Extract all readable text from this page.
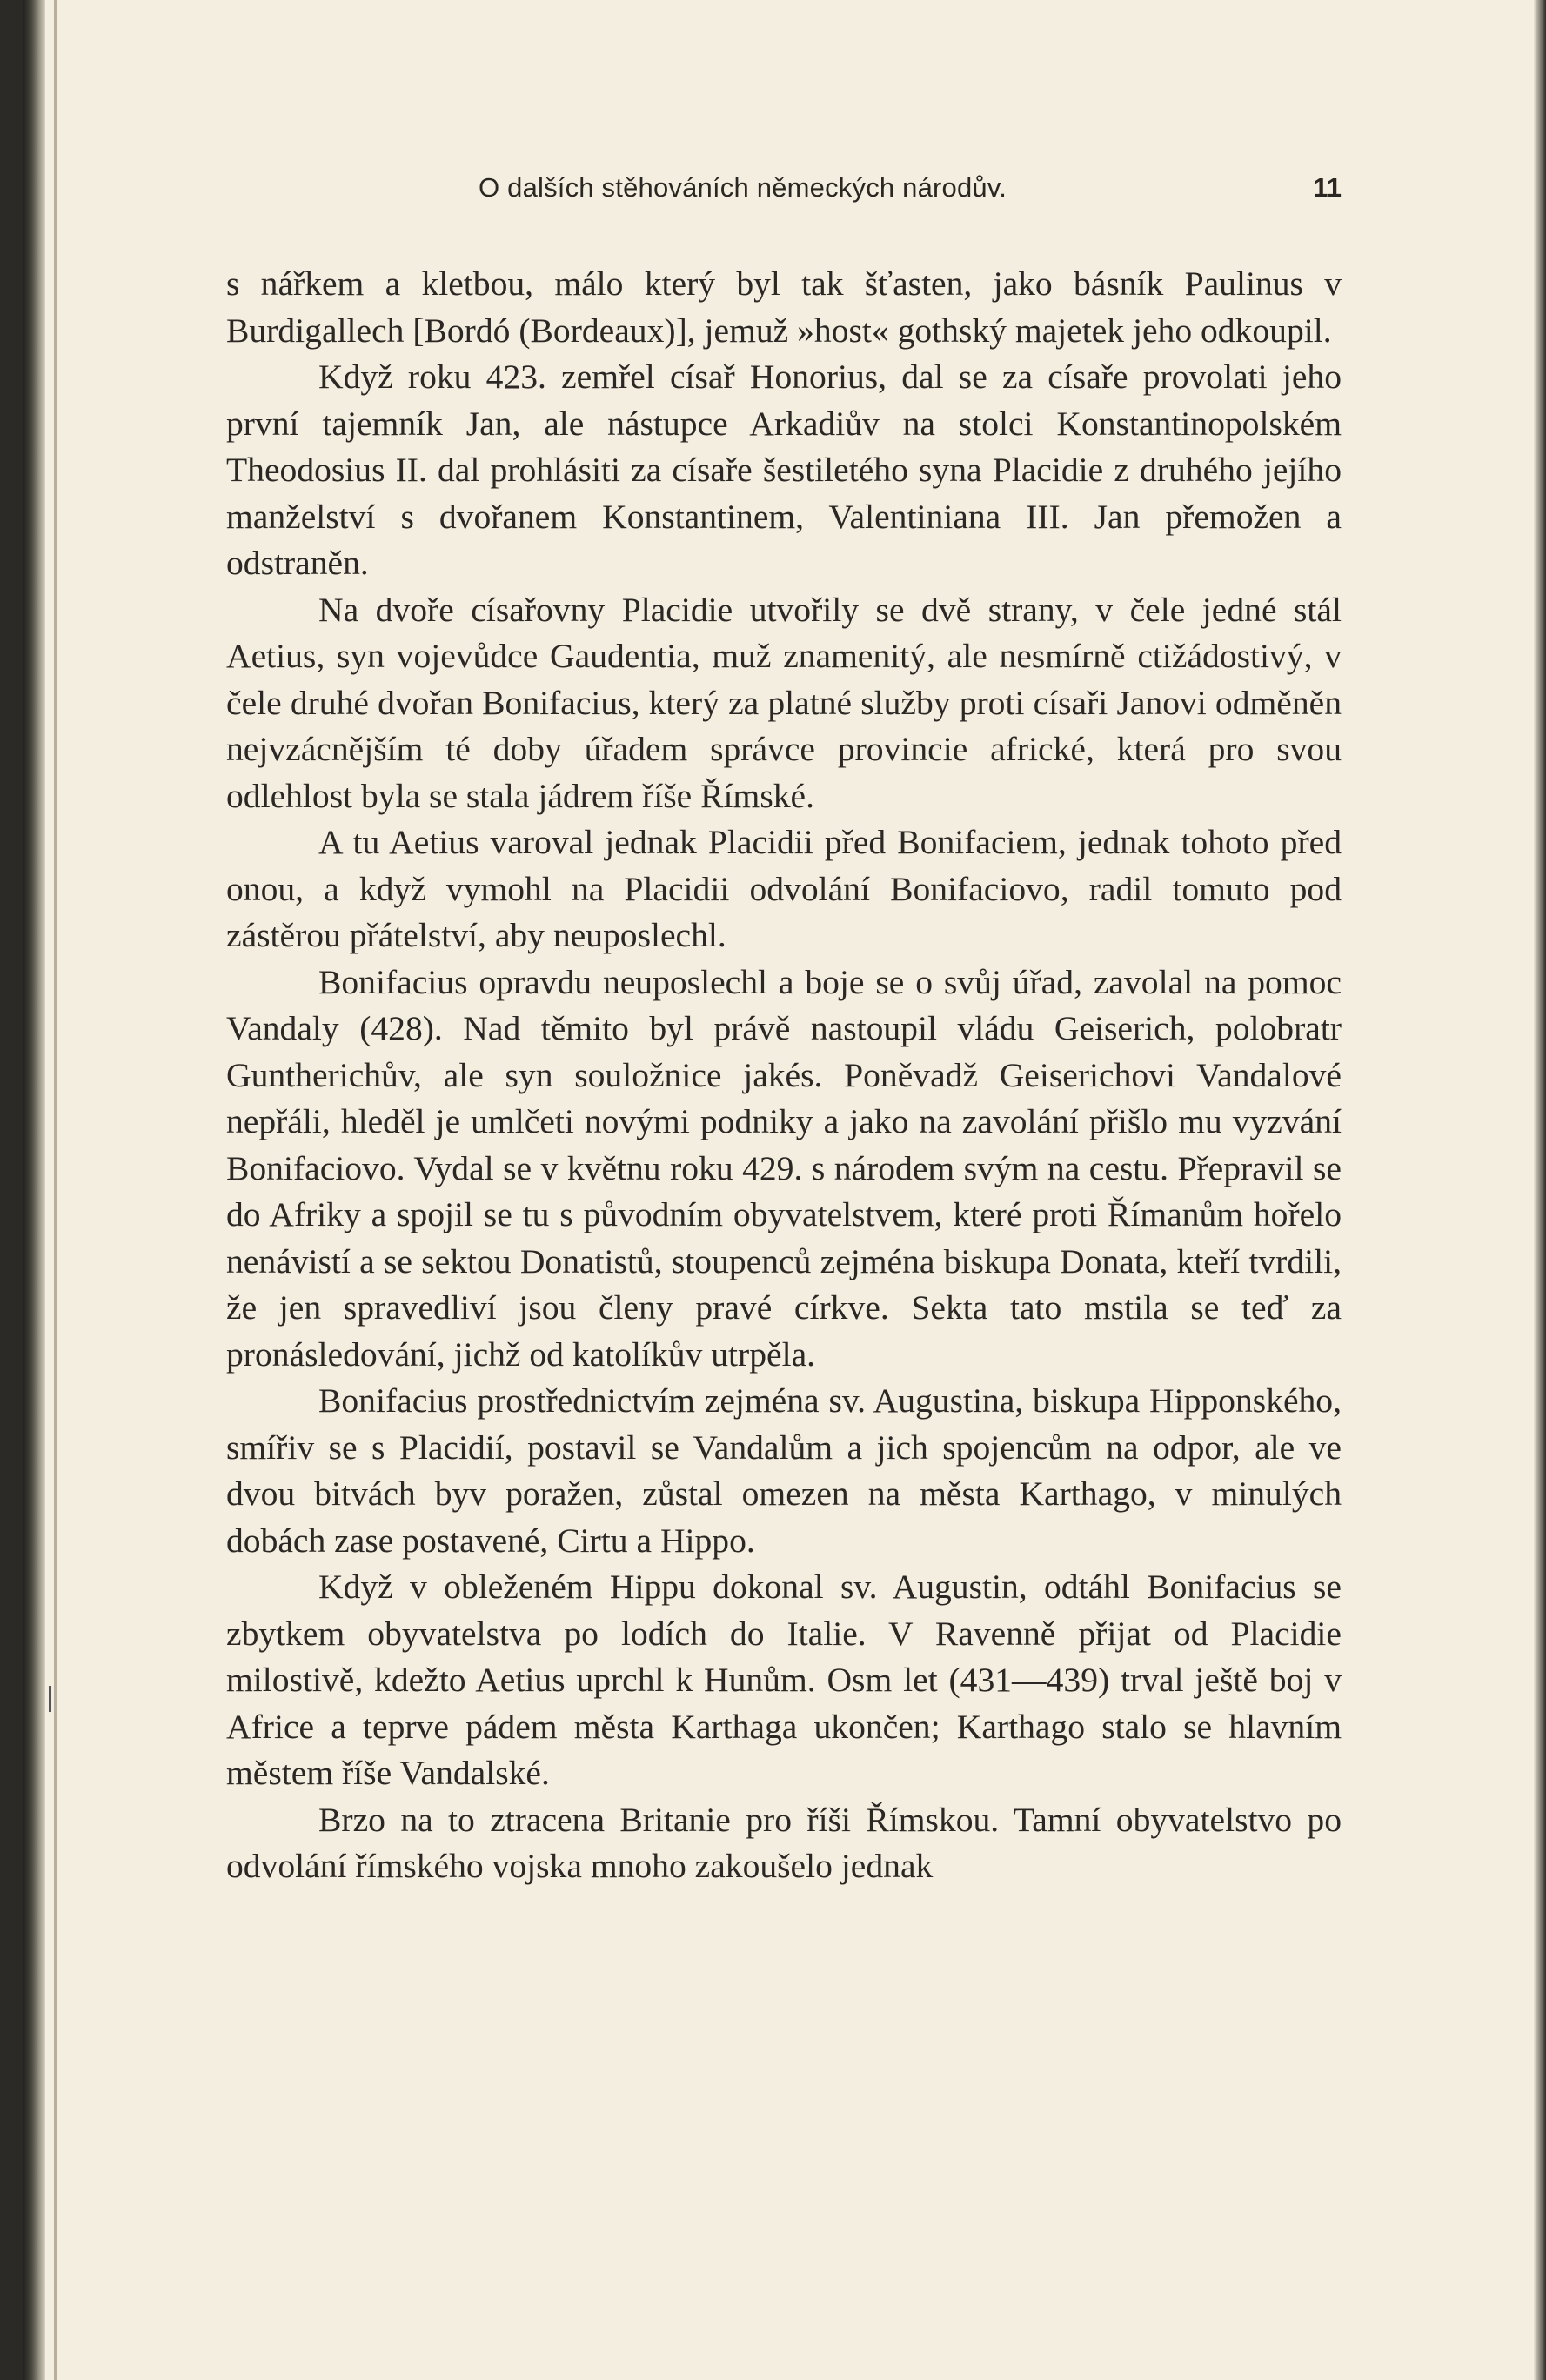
O dalších stěhováních německých národův.	11

s nářkem a kletbou, málo který byl tak šťasten, jako básník Paulinus v Burdigallech [Bordó (Bordeaux)], jemuž »host« gothský majetek jeho odkoupil.

Když roku 423. zemřel císař Honorius, dal se za císaře provolati jeho první tajemník Jan, ale nástupce Arkadiův na stolci Konstantinopolském Theodosius II. dal prohlásiti za císaře šestiletého syna Placidie z druhého jejího manželství s dvořanem Konstantinem, Valentiniana III. Jan přemožen a odstraněn.

Na dvoře císařovny Placidie utvořily se dvě strany, v čele jedné stál Aetius, syn vojevůdce Gaudentia, muž znamenitý, ale nesmírně ctižádostivý, v čele druhé dvořan Bonifacius, který za platné služby proti císaři Janovi odměněn nejvzácnějším té doby úřadem správce provincie africké, která pro svou odlehlost byla se stala jádrem říše Římské.

A tu Aetius varoval jednak Placidii před Bonifaciem, jednak tohoto před onou, a když vymohl na Placidii odvolání Bonifaciovo, radil tomuto pod zástěrou přátelství, aby neuposlechl.

Bonifacius opravdu neuposlechl a boje se o svůj úřad, zavolal na pomoc Vandaly (428). Nad těmito byl právě nastoupil vládu Geiserich, polobratr Guntherichův, ale syn souložnice jakés. Poněvadž Geiserichovi Vandalové nepřáli, hleděl je umlčeti novými podniky a jako na zavolání přišlo mu vyzvání Bonifaciovo. Vydal se v květnu roku 429. s národem svým na cestu. Přepravil se do Afriky a spojil se tu s původním obyvatelstvem, které proti Římanům hořelo nenávistí a se sektou Donatistů, stoupenců zejména biskupa Donata, kteří tvrdili, že jen spravedliví jsou členy pravé církve. Sekta tato mstila se teď za pronásledování, jichž od katolíkův utrpěla.

Bonifacius prostřednictvím zejména sv. Augustina, biskupa Hipponského, smířiv se s Placidií, postavil se Vandalům a jich spojencům na odpor, ale ve dvou bitvách byv poražen, zůstal omezen na města Karthago, v minulých dobách zase postavené, Cirtu a Hippo.

Když v obleženém Hippu dokonal sv. Augustin, odtáhl Bonifacius se zbytkem obyvatelstva po lodích do Italie. V Ravenně přijat od Placidie milostivě, kdežto Aetius uprchl k Hunům. Osm let (431—439) trval ještě boj v Africe a teprve pádem města Karthaga ukončen; Karthago stalo se hlavním městem říše Vandalské.

Brzo na to ztracena Britanie pro říši Římskou. Tamní obyvatelstvo po odvolání římského vojska mnoho zakoušelo jednak
